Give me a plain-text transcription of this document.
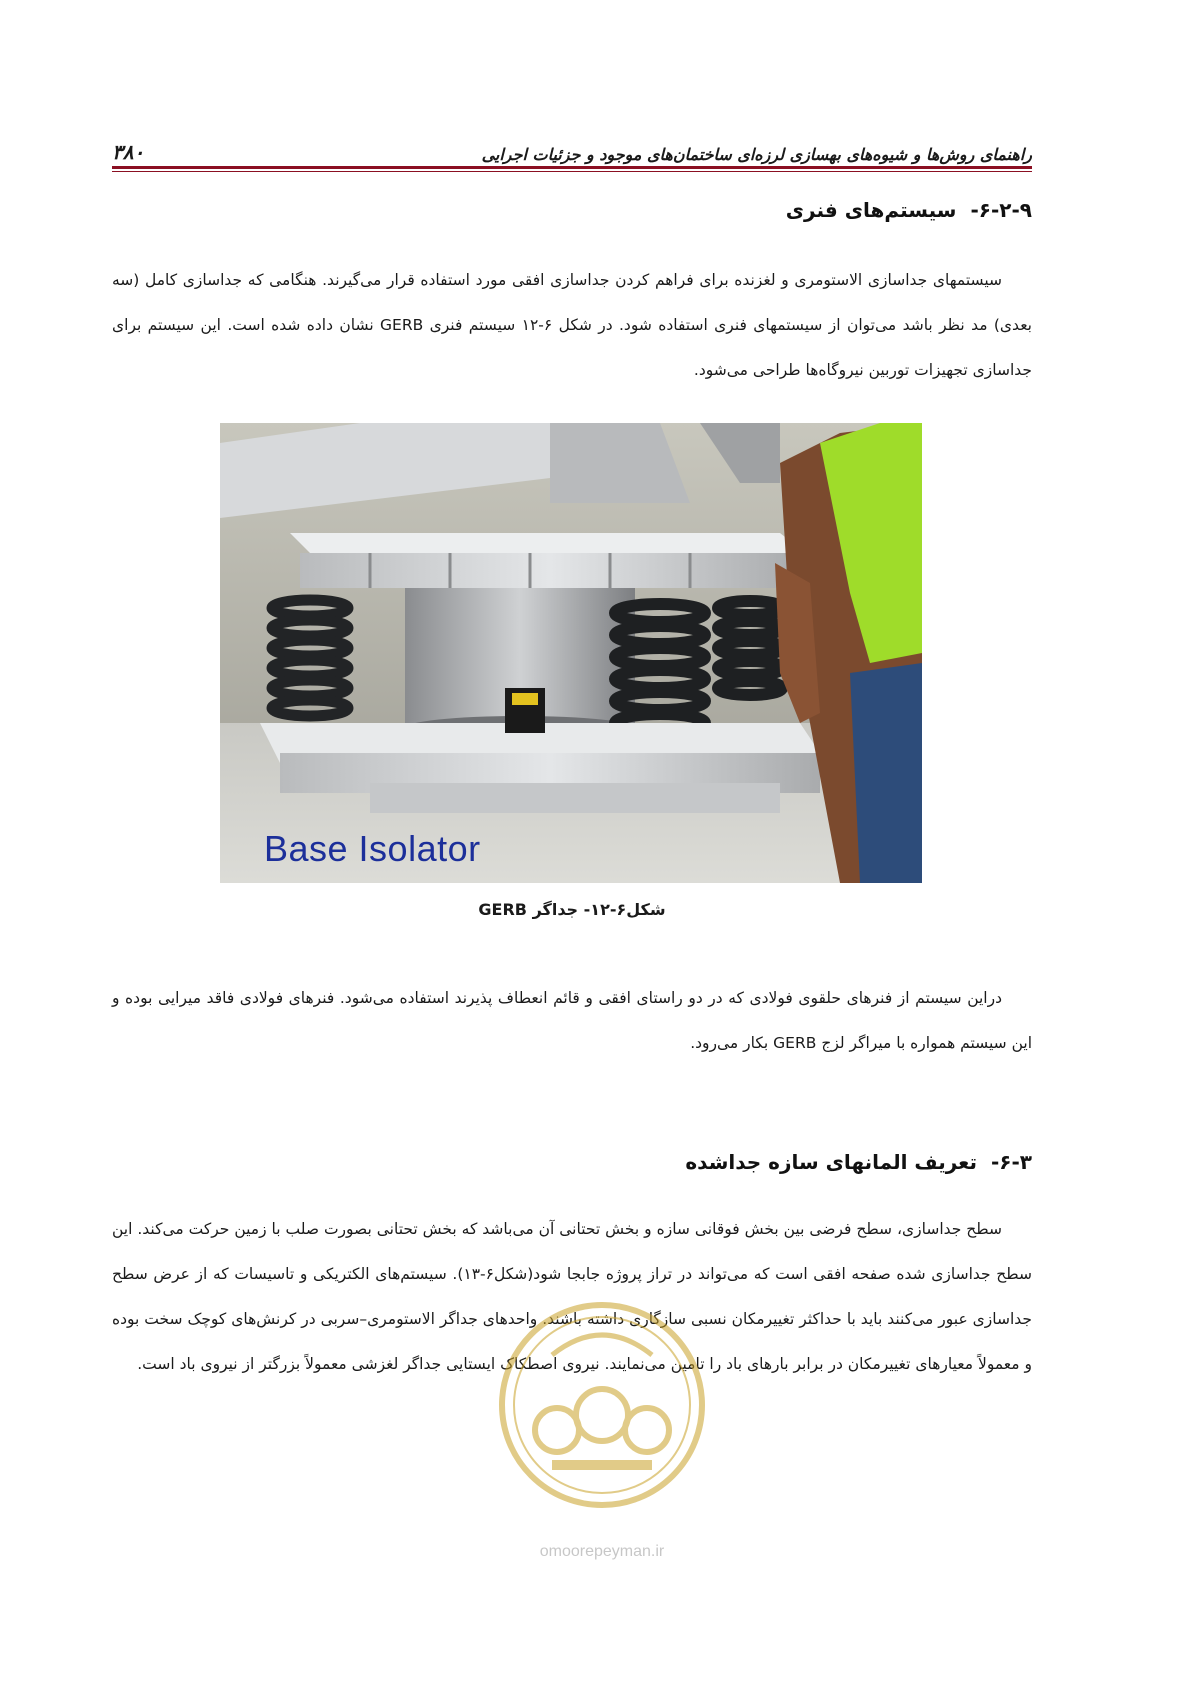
۳۸۰	راهنمای روش‌ها و شیوه‌های بهسازی لرزه‌ای ساختمان‌های موجود و جزئیات اجرایی
۶-۲-۹-سیستم‌های فنری

سیستمهای جداسازی الاستومری و لغزنده برای فراهم کردن جداسازی افقی مورد استفاده قرار می‌گیرند. هنگامی که جداسازی کامل (سه بعدی) مد نظر باشد می‌توان از سیستمهای فنری استفاده شود. در شکل ۶-۱۲ سیستم فنری GERB نشان داده شده است. این سیستم برای جداسازی تجهیزات توربین نیروگاه‌ها طراحی می‌شود.

Base Isolator
شکل۶-۱۲- جداگر GERB

دراین سیستم از فنرهای حلقوی فولادی که در دو راستای افقی و قائم انعطاف پذیرند استفاده می‌شود. فنرهای فولادی فاقد میرایی بوده و این سیستم همواره با میراگر لزج GERB بکار می‌رود.

۶-۳-تعریف المانهای سازه جداشده

سطح جداسازی، سطح فرضی بین بخش فوقانی سازه و بخش تحتانی آن می‌باشد که بخش تحتانی بصورت صلب با زمین حرکت می‌کند. این سطح جداسازی شده صفحه افقی است که می‌تواند در تراز پروژه جابجا شود(شکل۶-۱۳). سیستم‌های الکتریکی و تاسیسات که از عرض سطح جداسازی عبور می‌کنند باید با حداکثر تغییرمکان نسبی سازگاری داشته باشند. واحدهای جداگر الاستومری–سربی در کرنش‌های کوچک سخت بوده و معمولاً معیارهای تغییرمکان در برابر بارهای باد را تامین می‌نمایند. نیروی اصطکاک ایستایی جداگر لغزشی معمولاً بزرگتر از نیروی باد است.

omoorepeyman.ir
